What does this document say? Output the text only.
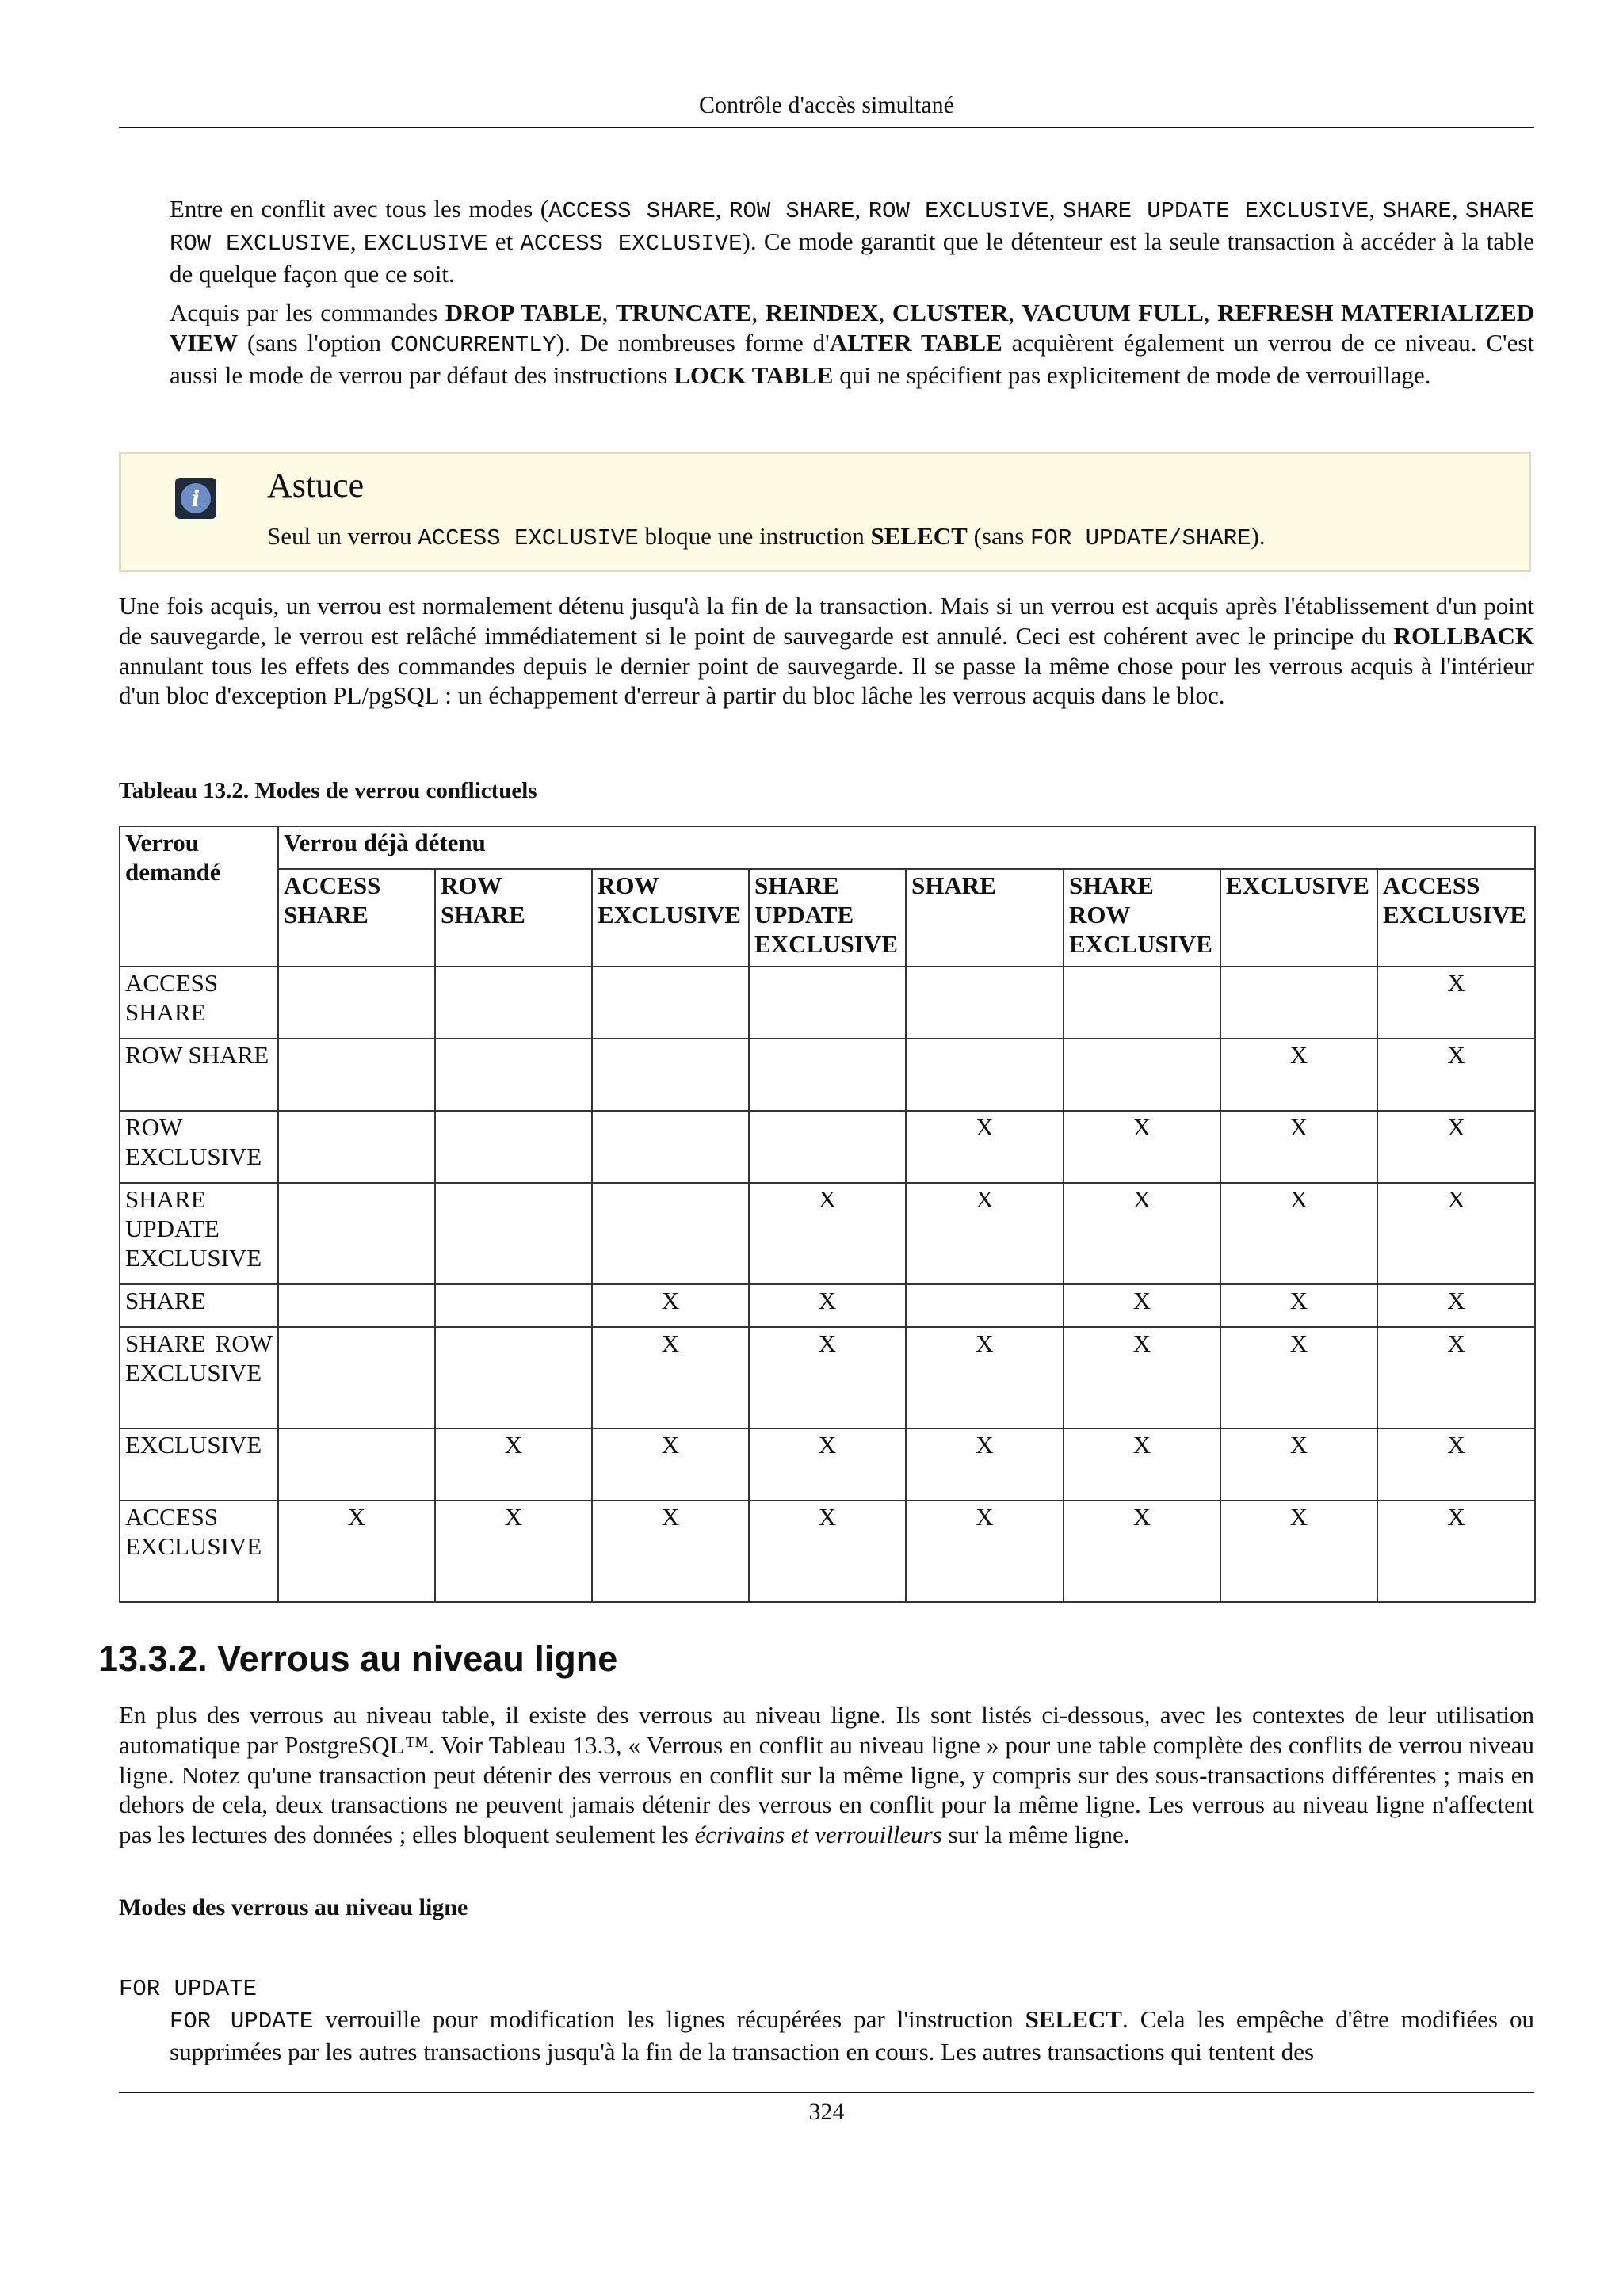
Contrôle d'accès simultané

Entre en conflit avec tous les modes (ACCESS SHARE, ROW SHARE, ROW EXCLUSIVE, SHARE UPDATE EXCLUSIVE, SHARE, SHARE ROW EXCLUSIVE, EXCLUSIVE et ACCESS EXCLUSIVE). Ce mode garantit que le détenteur est la seule transaction à accéder à la table de quelque façon que ce soit.

Acquis par les commandes DROP TABLE, TRUNCATE, REINDEX, CLUSTER, VACUUM FULL, REFRESH MATERIALIZED VIEW (sans l'option CONCURRENTLY). De nombreuses forme d'ALTER TABLE acquièrent également un verrou de ce niveau. C'est aussi le mode de verrou par défaut des instructions LOCK TABLE qui ne spécifient pas explicitement de mode de verrouillage.

i	Astuce

Seul un verrou ACCESS EXCLUSIVE bloque une instruction SELECT (sans FOR UPDATE/SHARE).

Une fois acquis, un verrou est normalement détenu jusqu'à la fin de la transaction. Mais si un verrou est acquis après l'établissement d'un point de sauvegarde, le verrou est relâché immédiatement si le point de sauvegarde est annulé. Ceci est cohérent avec le principe du ROLLBACK annulant tous les effets des commandes depuis le dernier point de sauvegarde. Il se passe la même chose pour les verrous acquis à l'intérieur d'un bloc d'exception PL/pgSQL : un échappement d'erreur à partir du bloc lâche les verrous acquis dans le bloc.

Tableau 13.2. Modes de verrou conflictuels

Verrou demandé	Verrou déjà détenu							
	ACCESS SHARE	ROW SHARE	ROW EXCLUSIVE	SHARE UPDATE EXCLUSIVE	SHARE	SHARE ROW EXCLUSIVE	EXCLUSIVE	ACCESS EXCLUSIVE
ACCESS SHARE								X
ROW SHARE							X	X
ROW EXCLUSIVE					X	X	X	X
SHARE UPDATE EXCLUSIVE				X	X	X	X	X
SHARE			X	X		X	X	X
SHARE ROW EXCLUSIVE			X	X	X	X	X	X
EXCLUSIVE		X	X	X	X	X	X	X
ACCESS EXCLUSIVE	X	X	X	X	X	X	X	X
13.3.2. Verrous au niveau ligne

En plus des verrous au niveau table, il existe des verrous au niveau ligne. Ils sont listés ci-dessous, avec les contextes de leur utilisation automatique par PostgreSQL™. Voir Tableau 13.3, « Verrous en conflit au niveau ligne » pour une table complète des conflits de verrou niveau ligne. Notez qu'une transaction peut détenir des verrous en conflit sur la même ligne, y compris sur des sous-transactions différentes ; mais en dehors de cela, deux transactions ne peuvent jamais détenir des verrous en conflit pour la même ligne. Les verrous au niveau ligne n'affectent pas les lectures des données ; elles bloquent seulement les écrivains et verrouilleurs sur la même ligne.

Modes des verrous au niveau ligne

FOR UPDATE

FOR UPDATE verrouille pour modification les lignes récupérées par l'instruction SELECT. Cela les empêche d'être modifiées ou supprimées par les autres transactions jusqu'à la fin de la transaction en cours. Les autres transactions qui tentent des

324
